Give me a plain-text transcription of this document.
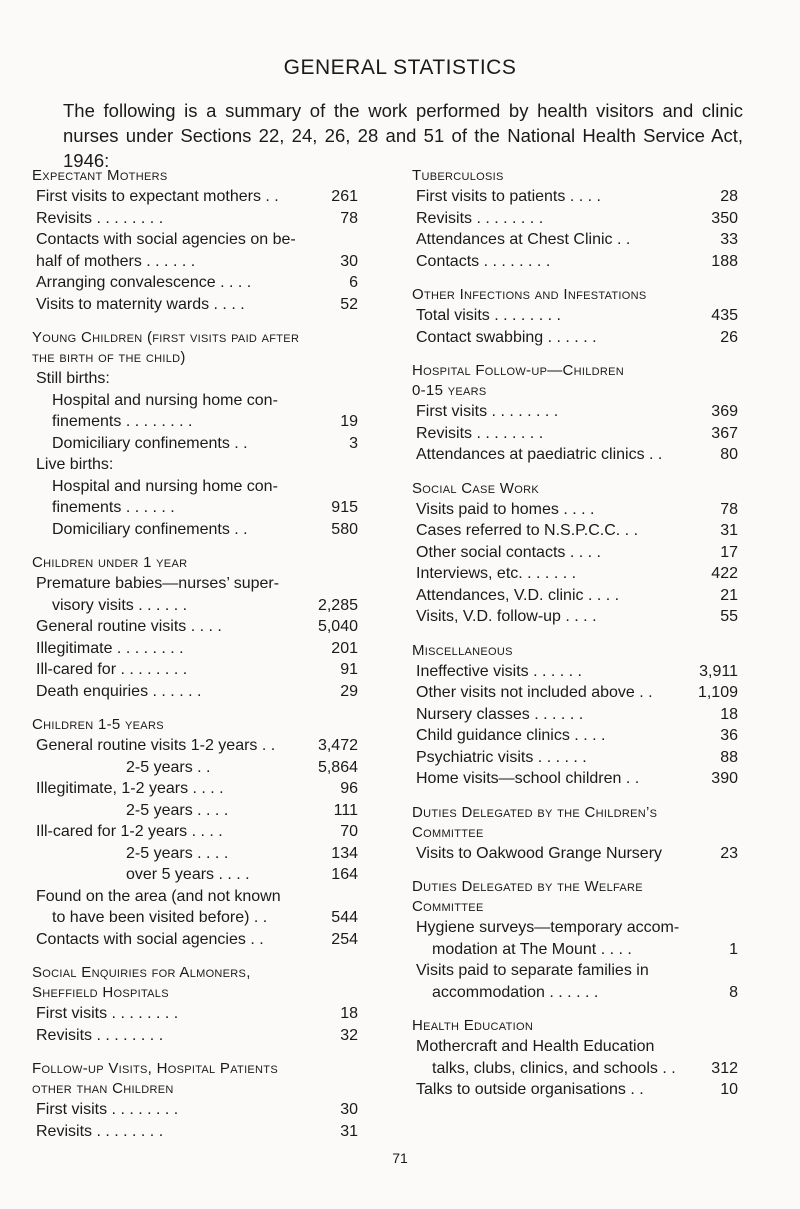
GENERAL STATISTICS
The following is a summary of the work performed by health visitors and clinic nurses under Sections 22, 24, 26, 28 and 51 of the National Health Service Act, 1946:
Expectant Mothers
First visits to expectant mothers . .	261
Revisits . . . . . . . .	78
Contacts with social agencies on be-
half of mothers . . . . . .	30
Arranging convalescence . . . .	6
Visits to maternity wards . . . .	52
Young Children (first visits paid after
the birth of the child)
Still births:
Hospital and nursing home con-
finements . . . . . . . .	19
Domiciliary confinements . .	3
Live births:
Hospital and nursing home con-
finements . . . . . .	915
Domiciliary confinements . .	580
Children under 1 year
Premature babies—nurses’ super-
visory visits . . . . . .	2,285
General routine visits . . . .	5,040
Illegitimate . . . . . . . .	201
Ill-cared for . . . . . . . .	91
Death enquiries . . . . . .	29
Children 1-5 years
General routine visits 1-2 years . .	3,472
2-5 years . .	5,864
Illegitimate, 1-2 years . . . .	96
2-5 years . . . .	111
Ill-cared for 1-2 years . . . .	70
2-5 years . . . .	134
over 5 years . . . .	164
Found on the area (and not known
to have been visited before) . .	544
Contacts with social agencies . .	254
Social Enquiries for Almoners,
Sheffield Hospitals
First visits . . . . . . . .	18
Revisits . . . . . . . .	32
Follow-up Visits, Hospital Patients
other than Children
First visits . . . . . . . .	30
Revisits . . . . . . . .	31
Tuberculosis
First visits to patients . . . .	28
Revisits . . . . . . . .	350
Attendances at Chest Clinic . .	33
Contacts . . . . . . . .	188
Other Infections and Infestations
Total visits . . . . . . . .	435
Contact swabbing . . . . . .	26
Hospital Follow-up—Children
0-15 years
First visits . . . . . . . .	369
Revisits . . . . . . . .	367
Attendances at paediatric clinics . .	80
Social Case Work
Visits paid to homes . . . .	78
Cases referred to N.S.P.C.C. . .	31
Other social contacts . . . .	17
Interviews, etc. . . . . . .	422
Attendances, V.D. clinic . . . .	21
Visits, V.D. follow-up . . . .	55
Miscellaneous
Ineffective visits . . . . . .	3,911
Other visits not included above . .	1,109
Nursery classes . . . . . .	18
Child guidance clinics . . . .	36
Psychiatric visits . . . . . .	88
Home visits—school children . .	390
Duties Delegated by the Children’s
Committee
Visits to Oakwood Grange Nursery	23
Duties Delegated by the Welfare
Committee
Hygiene surveys—temporary accom-
modation at The Mount . . . .	1
Visits paid to separate families in
accommodation . . . . . .	8
Health Education
Mothercraft and Health Education
talks, clubs, clinics, and schools . . 312
Talks to outside organisations . .	10
71
